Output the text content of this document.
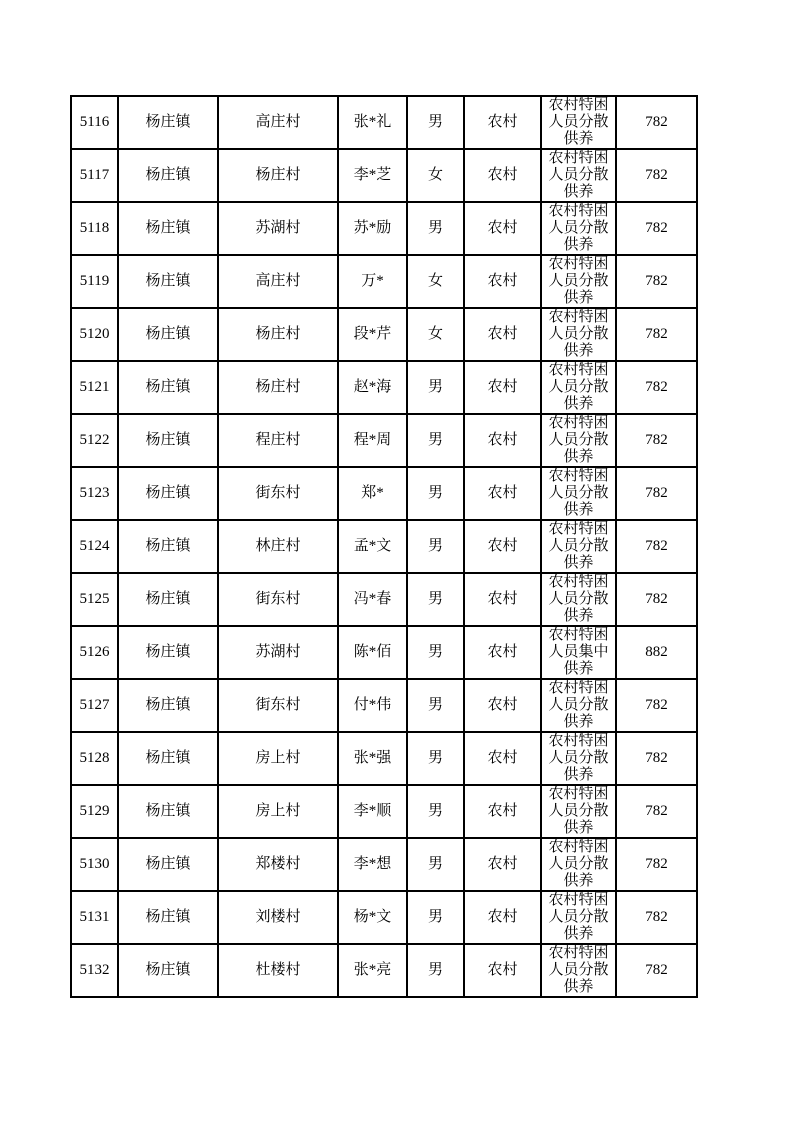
5116	杨庄镇	高庄村	张*礼	男	农村	农村特困人员分散供养	782
5117	杨庄镇	杨庄村	李*芝	女	农村	农村特困人员分散供养	782
5118	杨庄镇	苏湖村	苏*励	男	农村	农村特困人员分散供养	782
5119	杨庄镇	高庄村	万*	女	农村	农村特困人员分散供养	782
5120	杨庄镇	杨庄村	段*芹	女	农村	农村特困人员分散供养	782
5121	杨庄镇	杨庄村	赵*海	男	农村	农村特困人员分散供养	782
5122	杨庄镇	程庄村	程*周	男	农村	农村特困人员分散供养	782
5123	杨庄镇	街东村	郑*	男	农村	农村特困人员分散供养	782
5124	杨庄镇	林庄村	孟*文	男	农村	农村特困人员分散供养	782
5125	杨庄镇	街东村	冯*春	男	农村	农村特困人员分散供养	782
5126	杨庄镇	苏湖村	陈*佰	男	农村	农村特困人员集中供养	882
5127	杨庄镇	街东村	付*伟	男	农村	农村特困人员分散供养	782
5128	杨庄镇	房上村	张*强	男	农村	农村特困人员分散供养	782
5129	杨庄镇	房上村	李*顺	男	农村	农村特困人员分散供养	782
5130	杨庄镇	郑楼村	李*想	男	农村	农村特困人员分散供养	782
5131	杨庄镇	刘楼村	杨*文	男	农村	农村特困人员分散供养	782
5132	杨庄镇	杜楼村	张*亮	男	农村	农村特困人员分散供养	782
